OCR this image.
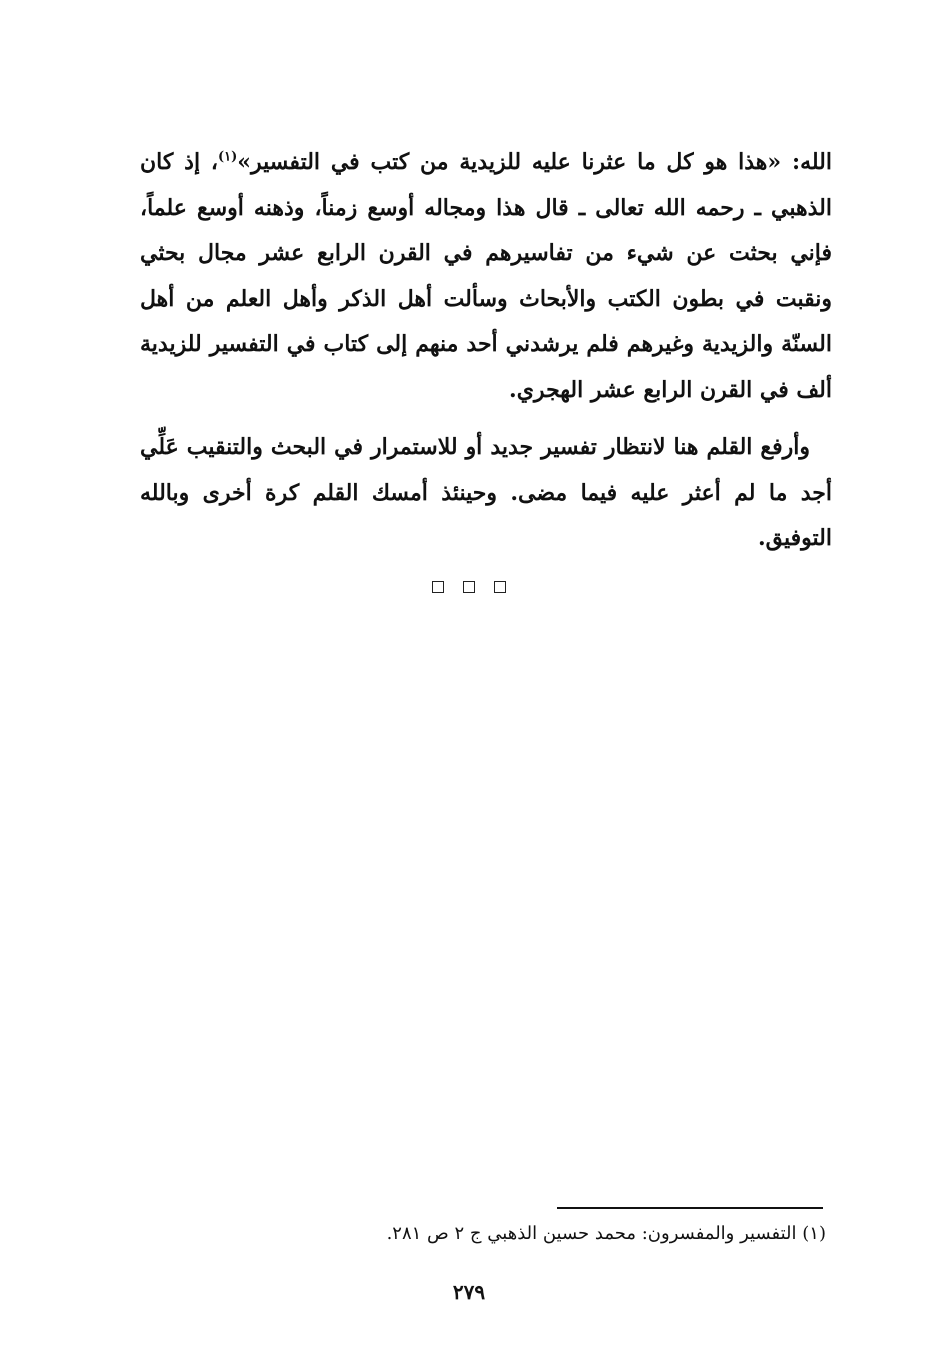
الله: «هذا هو كل ما عثرنا عليه للزيدية من كتب في التفسير»$^{(١)}$، إذ كان الذهبي ـ رحمه الله تعالى ـ قال هذا ومجاله أوسع زمناً، وذهنه أوسع علماً، فإني بحثت عن شيء من تفاسيرهم في القرن الرابع عشر مجال بحثي ونقبت في بطون الكتب والأبحاث وسألت أهل الذكر وأهل العلم من أهل السنّة والزيدية وغيرهم فلم يرشدني أحد منهم إلى كتاب في التفسير للزيدية ألف في القرن الرابع عشر الهجري.

وأرفع القلم هنا لانتظار تفسير جديد أو للاستمرار في البحث والتنقيب عَلِّي أجد ما لم أعثر عليه فيما مضى. وحينئذ أمسك القلم كرة أخرى وبالله التوفيق.

(١) التفسير والمفسرون: محمد حسين الذهبي ج ٢ ص ٢٨١.
٢٧٩
